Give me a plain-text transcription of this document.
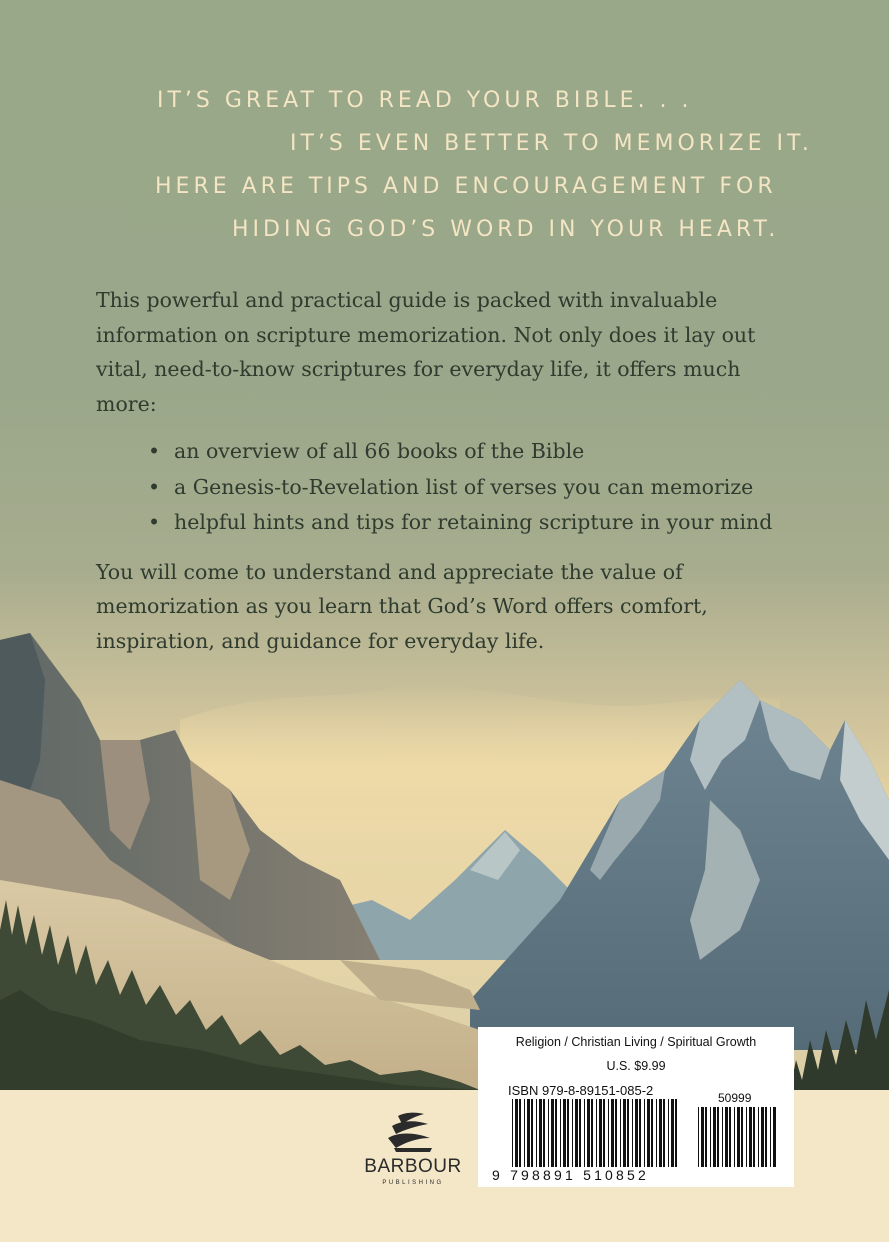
IT’S GREAT TO READ YOUR BIBLE. . .
IT’S EVEN BETTER TO MEMORIZE IT.
HERE ARE TIPS AND ENCOURAGEMENT FOR
HIDING GOD’S WORD IN YOUR HEART.

This powerful and practical guide is packed with invaluable information on scripture memorization. Not only does it lay out vital, need-to-know scriptures for everyday life, it offers much more:

• an overview of all 66 books of the Bible
• a Genesis-to-Revelation list of verses you can memorize
• helpful hints and tips for retaining scripture in your mind

You will come to understand and appreciate the value of memorization as you learn that God’s Word offers comfort, inspiration, and guidance for everyday life.

BARBOUR
PUBLISHING
Religion / Christian Living / Spiritual Growth
U.S. $9.99
ISBN 979-8-89151-085-2	50999
9 798891 510852
